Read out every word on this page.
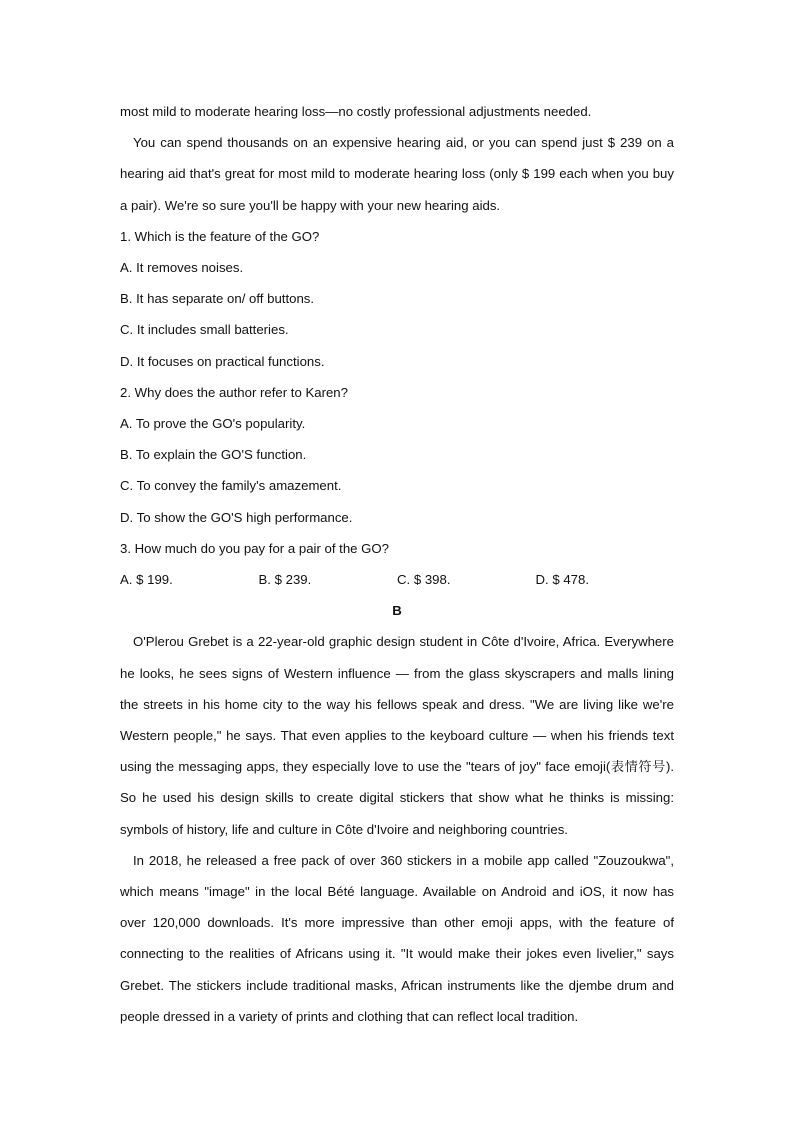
most mild to moderate hearing loss—no costly professional adjustments needed.

You can spend thousands on an expensive hearing aid, or you can spend just $ 239 on a hearing aid that's great for most mild to moderate hearing loss (only $ 199 each when you buy a pair). We're so sure you'll be happy with your new hearing aids.

1. Which is the feature of the GO?

A. It removes noises.

B. It has separate on/ off buttons.

C. It includes small batteries.

D. It focuses on practical functions.

2. Why does the author refer to Karen?

A. To prove the GO's popularity.

B. To explain the GO'S function.

C. To convey the family's amazement.

D. To show the GO'S high performance.

3. How much do you pay for a pair of the GO?

A. $ 199.	B. $ 239.	C. $ 398.	D. $ 478.

B

O'Plerou Grebet is a 22-year-old graphic design student in Côte d'Ivoire, Africa. Everywhere he looks, he sees signs of Western influence — from the glass skyscrapers and malls lining the streets in his home city to the way his fellows speak and dress. "We are living like we're Western people," he says. That even applies to the keyboard culture — when his friends text using the messaging apps, they especially love to use the "tears of joy" face emoji(表情符号). So he used his design skills to create digital stickers that show what he thinks is missing: symbols of history, life and culture in Côte d'Ivoire and neighboring countries.

In 2018, he released a free pack of over 360 stickers in a mobile app called "Zouzoukwa", which means "image" in the local Bété language. Available on Android and iOS, it now has over 120,000 downloads. It's more impressive than other emoji apps, with the feature of connecting to the realities of Africans using it. "It would make their jokes even livelier," says Grebet. The stickers include traditional masks, African instruments like the djembe drum and people dressed in a variety of prints and clothing that can reflect local tradition.
